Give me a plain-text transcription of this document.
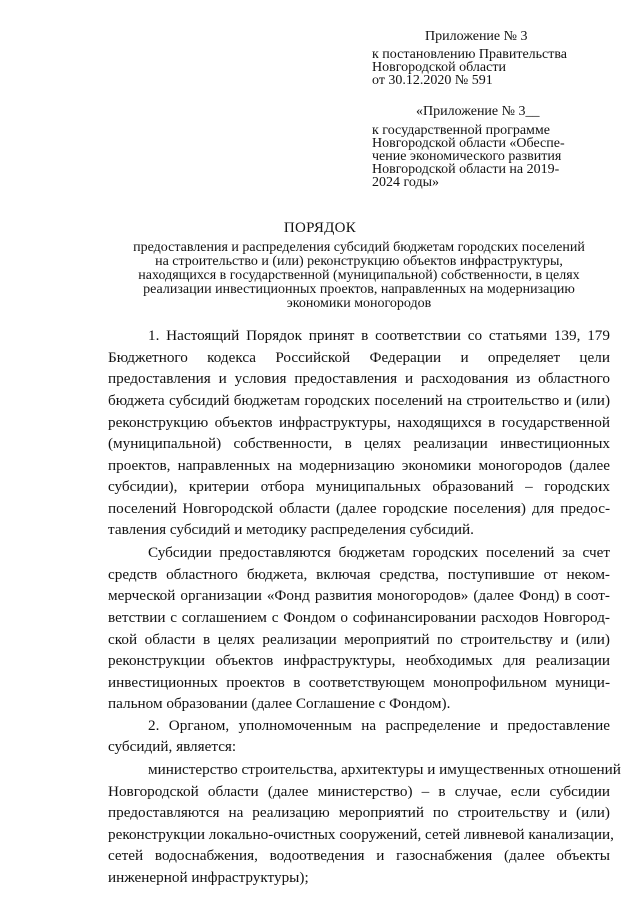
Приложение № 3
к постановлению Правительства
Новгородской области
от 30.12.2020 № 591
«Приложение № 3__
к государственной программе
Новгородской области «Обеспе-
чение экономического развития
Новгородской области на 2019-
2024 годы»
ПОРЯДОК
предоставления и распределения субсидий бюджетам городских поселений
на строительство и (или) реконструкцию объектов инфраструктуры,
находящихся в государственной (муниципальной) собственности, в целях
реализации инвестиционных проектов, направленных на модернизацию
экономики моногородов
1. Настоящий Порядок принят в соответствии со статьями 139, 179
Бюджетного кодекса Российской Федерации и определяет цели
предоставления и условия предоставления и расходования из областного
бюджета субсидий бюджетам городских поселений на строительство и (или)
реконструкцию объектов инфраструктуры, находящихся в государственной
(муниципальной) собственности, в целях реализации инвестиционных
проектов, направленных на модернизацию экономики моногородов (далее
субсидии), критерии отбора муниципальных образований – городских
поселений Новгородской области (далее городские поселения) для предос-
тавления субсидий и методику распределения субсидий.
Субсидии предоставляются бюджетам городских поселений за счет
средств областного бюджета, включая средства, поступившие от неком-
мерческой организации «Фонд развития моногородов» (далее Фонд) в соот-
ветствии с соглашением с Фондом о софинансировании расходов Новгород-
ской области в целях реализации мероприятий по строительству и (или)
реконструкции объектов инфраструктуры, необходимых для реализации
инвестиционных проектов в соответствующем монопрофильном муници-
пальном образовании (далее Соглашение с Фондом).
2. Органом, уполномоченным на распределение и предоставление
субсидий, является:
министерство строительства, архитектуры и имущественных отношений
Новгородской области (далее министерство) – в случае, если субсидии
предоставляются на реализацию мероприятий по строительству и (или)
реконструкции локально-очистных сооружений, сетей ливневой канализации,
сетей водоснабжения, водоотведения и газоснабжения (далее объекты
инженерной инфраструктуры);
